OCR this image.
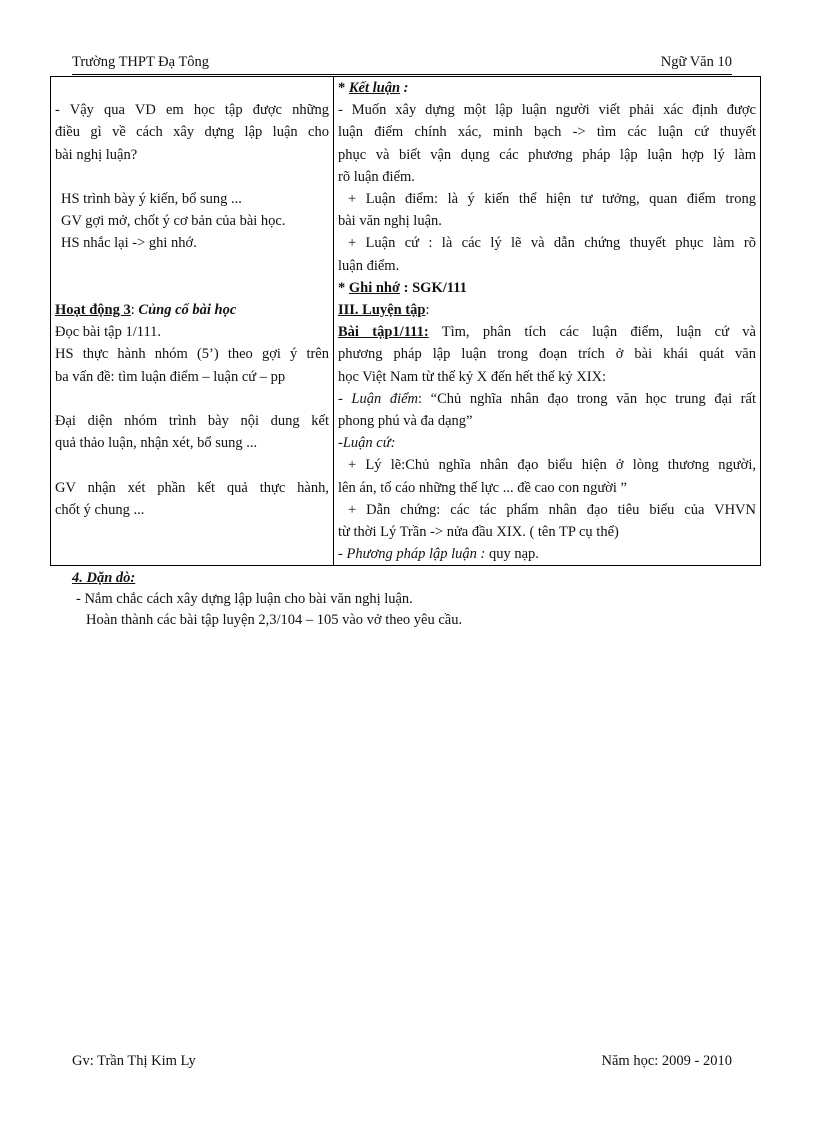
Trường THPT Đạ Tông	Ngữ Văn 10
- Vậy qua VD em học tập được những
điều gì về cách xây dựng lập luận cho
bài nghị luận?
HS trình bày ý kiến, bổ sung ...
GV gợi mở, chốt ý cơ bản của bài học.
HS nhắc lại -> ghi nhớ.
Hoạt động 3: Củng cố bài học
Đọc bài tập 1/111.
HS thực hành nhóm (5’) theo gợi ý trên
ba vấn đề: tìm luận điểm – luận cứ – pp
Đại diện nhóm trình bày nội dung kết
quả thảo luận, nhận xét, bổ sung ...
GV nhận xét phần kết quả thực hành,
chốt ý chung ...

* Kết luận :
- Muốn xây dựng một lập luận người viết phải xác định được
luận điểm chính xác, minh bạch -> tìm các luận cứ thuyết
phục và biết vận dụng các phương pháp lập luận hợp lý làm
rõ luận điểm.
+ Luận điểm: là ý kiến thể hiện tư tưởng, quan điểm trong
bài văn nghị luận.
+ Luận cứ : là các lý lẽ và dẫn chứng thuyết phục làm rõ
luận điểm.
* Ghi nhớ : SGK/111
III. Luyện tập:
Bài tập1/111: Tìm, phân tích các luận điểm, luận cứ và
phương pháp lập luận trong đoạn trích ở bài khái quát văn
học Việt Nam từ thế kỷ X đến hết thế kỷ XIX:
- Luận điểm: “Chủ nghĩa nhân đạo trong văn học trung đại rất
phong phú và đa dạng”
-Luận cứ:
+ Lý lẽ:Chủ nghĩa nhân đạo biểu hiện ở lòng thương người,
lên án, tố cáo những thế lực ... đề cao con người ”
+ Dẫn chứng: các tác phẩm nhân đạo tiêu biểu của VHVN
từ thời Lý Trần -> nửa đầu XIX. ( tên TP cụ thể)
- Phương pháp lập luận : quy nạp.
4. Dặn dò:
- Nắm chắc cách xây dựng lập luận cho bài văn nghị luận.
Hoàn thành các bài tập luyện 2,3/104 – 105 vào vở theo yêu cầu.
Gv: Trần Thị Kim Ly	Năm học: 2009 - 2010
